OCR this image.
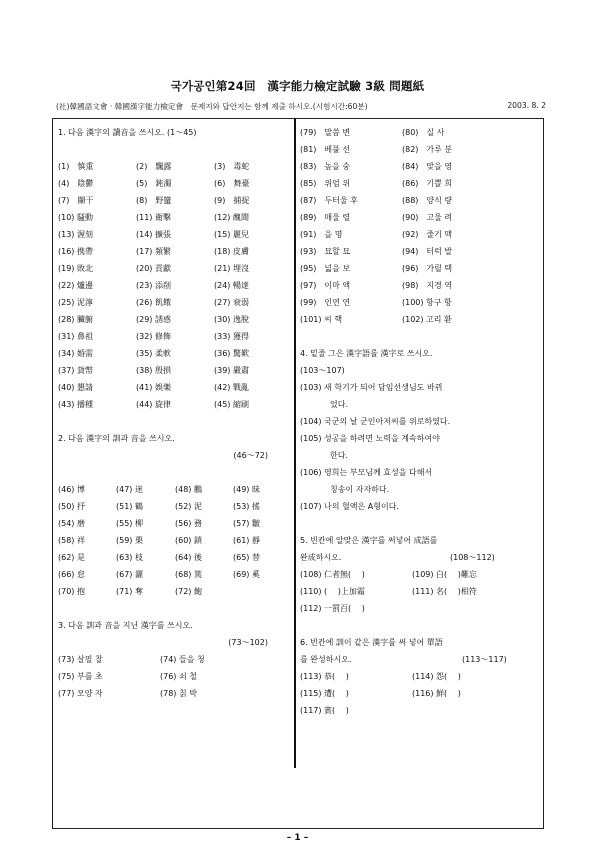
국가공인第24回　漢字能力檢定試驗 3級 問題紙
(社)韓國語文會 · 韓國漢字能力檢定會　문제지와 답안지는 함께 제출 하시오.(시험시간:60분)	2003. 8. 2
1. 다음 漢字의 讀音을 쓰시오. (1～45)
(1)　慎重	(2)　飄露	(3)　毒蛇
(4)　陰鬱	(5)　鈍濁	(6)　舞臺
(7)　闌干	(8)　野蠻	(9)　捕捉
(10) 騷動	(11) 衛擊	(12) 醜聞
(13) 渥刻	(14) 擴張	(15) 麗兒
(16) 携帶	(17) 頻繁	(18) 皮膚
(19) 敗北	(20) 貢獻	(21) 埋沒
(22) 爐邊	(23) 添削	(24) 暢達
(25) 泥濘	(26) 飢餓	(27) 衰弱
(28) 臟腑	(29) 誘惑	(30) 逸脫
(31) 鼻祖	(32) 修飾	(33) 獲得
(34) 婚需	(35) 柔軟	(36) 驚歎
(37) 貨幣	(38) 殷損	(39) 嚴肅
(40) 懇請	(41) 娛樂	(42) 戰亂
(43) 播種	(44) 旋律	(45) 縮刷
2. 다음 漢字의 訓과 音을 쓰시오.
(46～72)
(46) 博	(47) 迷	(48) 鵬	(49) 昧
(50) 抒	(51) 鶴	(52) 泥	(53) 搖
(54) 磨	(55) 柳	(56) 務	(57) 皺
(58) 祥	(59) 栗	(60) 鎖	(61) 靜
(62) 是	(63) 枝	(64) 後	(65) 替
(66) 怠	(67) 灑	(68) 篤	(69) 奚
(70) 抱	(71) 奪	(72) 鮑
3. 다음 訓과 音을 지닌 漢字를 쓰시오.
(73～102)
(73) 살필 찰	(74) 들을 청
(75) 부를 초	(76) 쇠 철
(77) 모양 자	(78) 칡 박
(79)　말씀 변	(80)　실 사
(81)　베풀 선	(82)　가루 분
(83)　높을 숭	(84)　맞을 영
(85)　위엄 위	(86)　기쁠 희
(87)　두터울 후	(88)　양식 량
(89)　매울 렬	(90)　고울 려
(91)　을 명	(92)　줄기 맥
(93)　묘할 묘	(94)　터럭 발
(95)　넓을 보	(96)　가릴 택
(97)　이마 액	(98)　지경 역
(99)　인연 연	(100) 항구 항
(101) 씨 핵	(102) 고리 환
4. 밑줄 그은 漢字語를 漢字로 쓰시오.
(103～107)
(103) 새 학기가 되어 담임선생님도 바뀌
었다.
(104) 국군의 날 군인아저씨를 위로하였다.
(105) 성공을 하려면 노력을 계속하여야
한다.
(106) 영희는 부모님께 효성을 다해서
칭송이 자자하다.
(107) 나의 혈액은 A형이다.
5. 빈칸에 알맞은 漢字를 써넣어 成語를
완成하시오.	(108～112)
(108) 仁者無(　 )	(109) 白(　 )難忘
(110) (　 )上加霜	(111) 名(　 )相符
(112) 一罰百(　 )
6. 빈칸에 訓이 같은 漢字를 써 넣어 單語
를 완성하시오.	(113～117)
(113) 恭(　 )	(114) 怨(　 )
(115) 遭(　 )	(116) 鮮(　 )
(117) 賓(　 )
– 1 –
